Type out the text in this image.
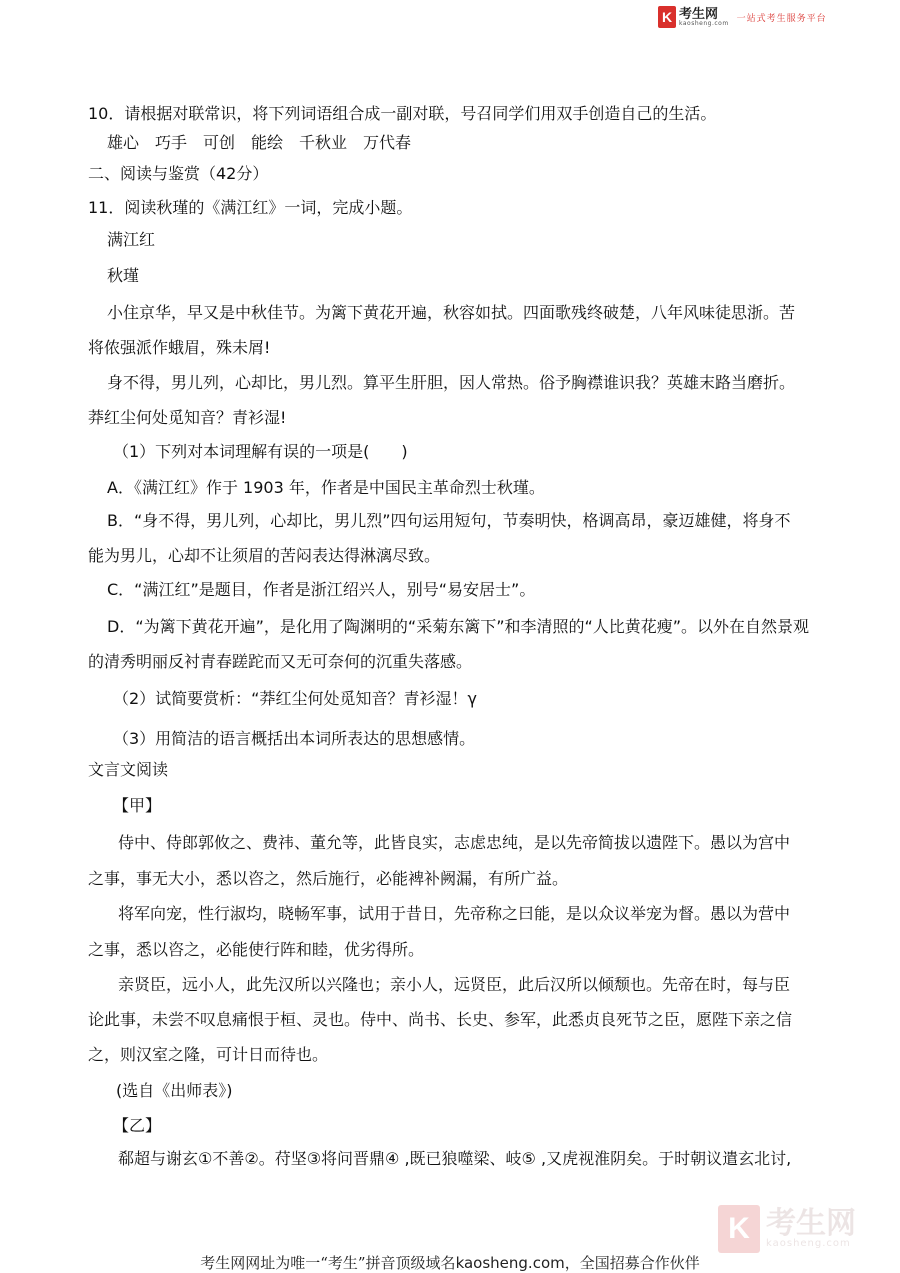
K 考生网
kaosheng.com 一站式考生服务平台
10．请根据对联常识，将下列词语组合成一副对联，号召同学们用双手创造自己的生活。
雄心　巧手　可创　能绘　千秋业　万代春
二、阅读与鉴赏（42分）
11．阅读秋瑾的《满江红》一词，完成小题。
满江红
秋瑾
小住京华，早又是中秋佳节。为篱下黄花开遍，秋容如拭。四面歌残终破楚，八年风味徒思浙。苦
将侬强派作蛾眉，殊未屑!
身不得，男儿列，心却比，男儿烈。算平生肝胆，因人常热。俗予胸襟谁识我？英雄末路当磨折。
莽红尘何处觅知音？青衫湿!
（1）下列对本词理解有误的一项是(　　)
A．《满江红》作于 1903 年，作者是中国民主革命烈士秋瑾。
B．“身不得，男儿列，心却比，男儿烈”四句运用短句，节奏明快，格调高昂，豪迈雄健，将身不
能为男儿，心却不让须眉的苦闷表达得淋漓尽致。
C．“满江红”是题目，作者是浙江绍兴人，别号“易安居士”。
D．“为篱下黄花开遍”，是化用了陶渊明的“采菊东篱下”和李清照的“人比黄花瘦”。以外在自然景观
的清秀明丽反衬青春蹉跎而又无可奈何的沉重失落感。
（2）试简要赏析：“莽红尘何处觅知音？青衫湿！γ
（3）用简洁的语言概括出本词所表达的思想感情。
文言文阅读
【甲】
侍中、侍郎郭攸之、费祎、董允等，此皆良实，志虑忠纯，是以先帝简拔以遗陛下。愚以为宫中
之事，事无大小，悉以咨之，然后施行，必能裨补阙漏，有所广益。
将军向宠，性行淑均，晓畅军事，试用于昔日，先帝称之曰能，是以众议举宠为督。愚以为营中
之事，悉以咨之，必能使行阵和睦，优劣得所。
亲贤臣，远小人，此先汉所以兴隆也；亲小人，远贤臣，此后汉所以倾颓也。先帝在时，每与臣
论此事，未尝不叹息痛恨于桓、灵也。侍中、尚书、长史、参军，此悉贞良死节之臣，愿陛下亲之信
之，则汉室之隆，可计日而待也。
(选自《出师表》)
【乙】
郗超与谢玄①不善②。苻坚③将问晋鼎④ ,既已狼噬梁、岐⑤ ,又虎视淮阴矣。于时朝议遣玄北讨,
K 考生网
kaosheng.com
考生网网址为唯一“考生”拼音顶级域名kaosheng.com，全国招募合作伙伴
